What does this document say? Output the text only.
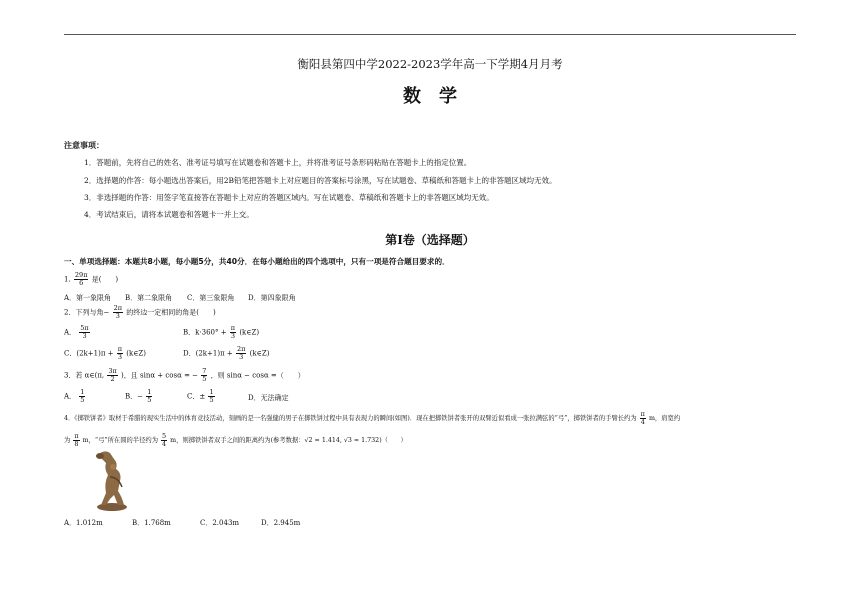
衡阳县第四中学2022-2023学年高一下学期4月月考
数学
注意事项：
1．答题前，先将自己的姓名、准考证号填写在试题卷和答题卡上，并将准考证号条形码粘贴在答题卡上的指定位置。
2．选择题的作答：每小题选出答案后，用2B铅笔把答题卡上对应题目的答案标号涂黑，写在试题卷、草稿纸和答题卡上的非答题区域均无效。
3．非选择题的作答：用签字笔直接答在答题卡上对应的答题区域内。写在试题卷、草稿纸和答题卡上的非答题区域均无效。
4．考试结束后，请将本试题卷和答题卡一并上交。
第Ⅰ卷（选择题）
一、单项选择题：本题共8小题，每小题5分，共40分．在每小题给出的四个选项中，只有一项是符合题目要求的．
1. $\frac{29\pi}{6}$ 是(　　)
A．第一象限角 B．第二象限角 C．第三象限角 D．第四象限角
2．下列与角− $\frac{2\pi}{3}$ 的终边一定相同的角是(　　)
A． $\frac{5\pi}{3}$	B．$k\cdot 360^\circ + \frac{\pi}{3}$ (k∈Z)
C．$(2k+1)\pi + \frac{\pi}{3}$ (k∈Z)	D．$(2k+1)\pi + \frac{2\pi}{3}$ (k∈Z)
3．若 α∈(π, $\frac{3\pi}{2}$ )，且 sinα + cosα = − $\frac{7}{5}$ ，则 sinα − cosα =（　　）
A． $\frac{1}{5}$	B．− $\frac{1}{5}$	C．± $\frac{1}{5}$	D．无法确定
4．《掷铁饼者》取材于希腊的现实生活中的体育竞技活动，刻画的是一名强健的男子在掷铁饼过程中具有表现力的瞬间(如图)．现在把掷铁饼者张开的双臂近似看成一张拉满弦的“弓”，掷铁饼者的手臂长约为 $\frac{\pi}{4}$ m，肩宽约
为 $\frac{\pi}{8}$ m，“弓”所在圆的半径约为 $\frac{5}{4}$ m，则掷铁饼者双手之间的距离约为(参考数据：√2 ≈ 1.414, √3 ≈ 1.732)（　　）
A．1.012m	B．1.768m	C．2.043m	D．2.945m
